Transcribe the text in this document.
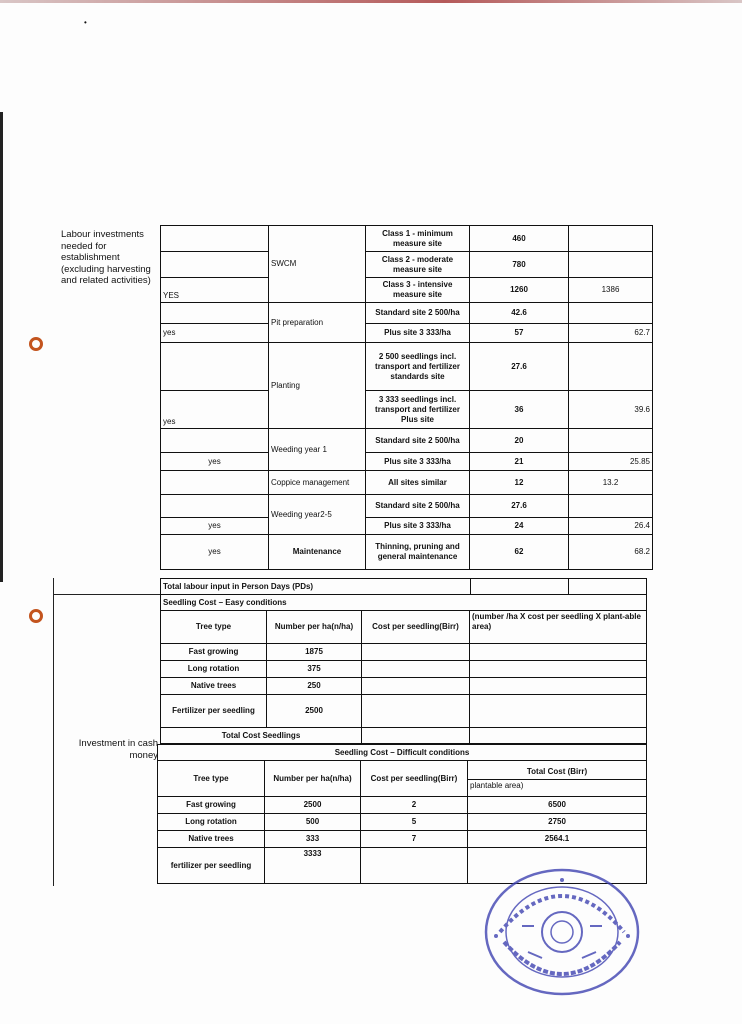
•
Labour investments needed for establishment (excluding harvesting and related activities)
Investment in cash money
	SWCM	Class 1 - minimum measure site	460	
		Class 2 - moderate measure site	780	
YES		Class 3 - intensive measure site	1260	1386
	Pit preparation	Standard site 2 500/ha	42.6	
yes		Plus site 3 333/ha	57	62.7
	Planting	2 500 seedlings incl. transport and fertilizer standards site	27.6	
yes		3 333 seedlings incl. transport and fertilizer Plus site	36	39.6
	Weeding year 1	Standard site 2 500/ha	20	
yes		Plus site 3 333/ha	21	25.85
	Coppice management	All sites similar	12	13.2
	Weeding year2-5	Standard site 2 500/ha	27.6	
yes		Plus site 3 333/ha	24	26.4
yes	Maintenance	Thinning, pruning and general maintenance	62	68.2
Total labour input in Person Days (PDs)		
Seedling Cost – Easy conditions
Tree type	Number per ha(n/ha)	Cost per seedling(Birr)	(number /ha X cost per seedling X plant-able area)
Fast growing	1875		
Long rotation	375		
Native trees	250		
Fertilizer per seedling	2500		
Total Cost Seedlings			
Seedling Cost – Difficult conditions			
Tree type	Number per ha(n/ha)	Cost per seedling(Birr)	Total Cost (Birr)
plantable area)

Fast growing	2500	2	6500
Long rotation	500	5	2750
Native trees	333	7	2564.1
fertilizer per seedling	3333		
